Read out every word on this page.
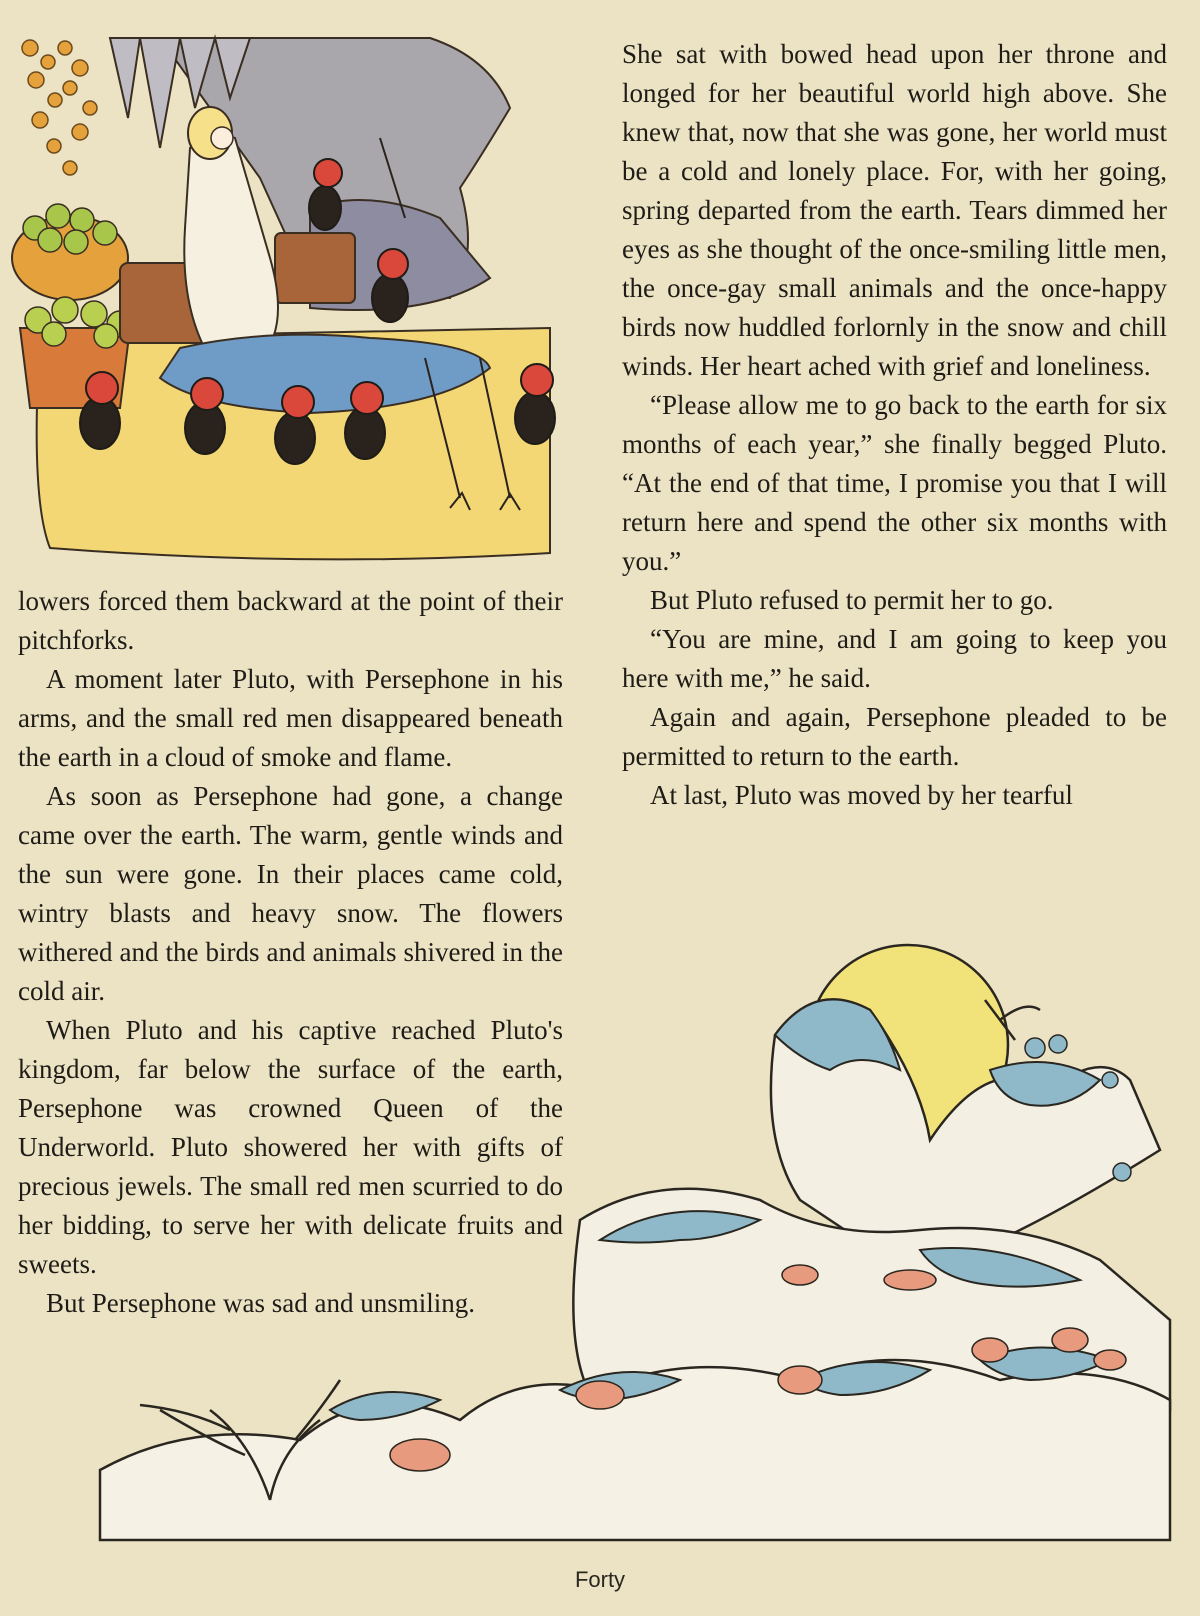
lowers forced them backward at the point of their pitchforks.

A moment later Pluto, with Persephone in his arms, and the small red men disappeared beneath the earth in a cloud of smoke and flame.

As soon as Persephone had gone, a change came over the earth. The warm, gentle winds and the sun were gone. In their places came cold, wintry blasts and heavy snow. The flowers withered and the birds and animals shivered in the cold air.

When Pluto and his captive reached Pluto's kingdom, far below the surface of the earth, Persephone was crowned Queen of the Underworld. Pluto showered her with gifts of precious jewels. The small red men scurried to do her bidding, to serve her with delicate fruits and sweets.

But Persephone was sad and unsmiling.

She sat with bowed head upon her throne and longed for her beautiful world high above. She knew that, now that she was gone, her world must be a cold and lonely place. For, with her going, spring departed from the earth. Tears dimmed her eyes as she thought of the once-smiling little men, the once-gay small animals and the once-happy birds now huddled forlornly in the snow and chill winds. Her heart ached with grief and loneliness.

“Please allow me to go back to the earth for six months of each year,” she finally begged Pluto. “At the end of that time, I promise you that I will return here and spend the other six months with you.”

But Pluto refused to permit her to go.

“You are mine, and I am going to keep you here with me,” he said.

Again and again, Persephone pleaded to be permitted to return to the earth.

At last, Pluto was moved by her tearful

Forty
